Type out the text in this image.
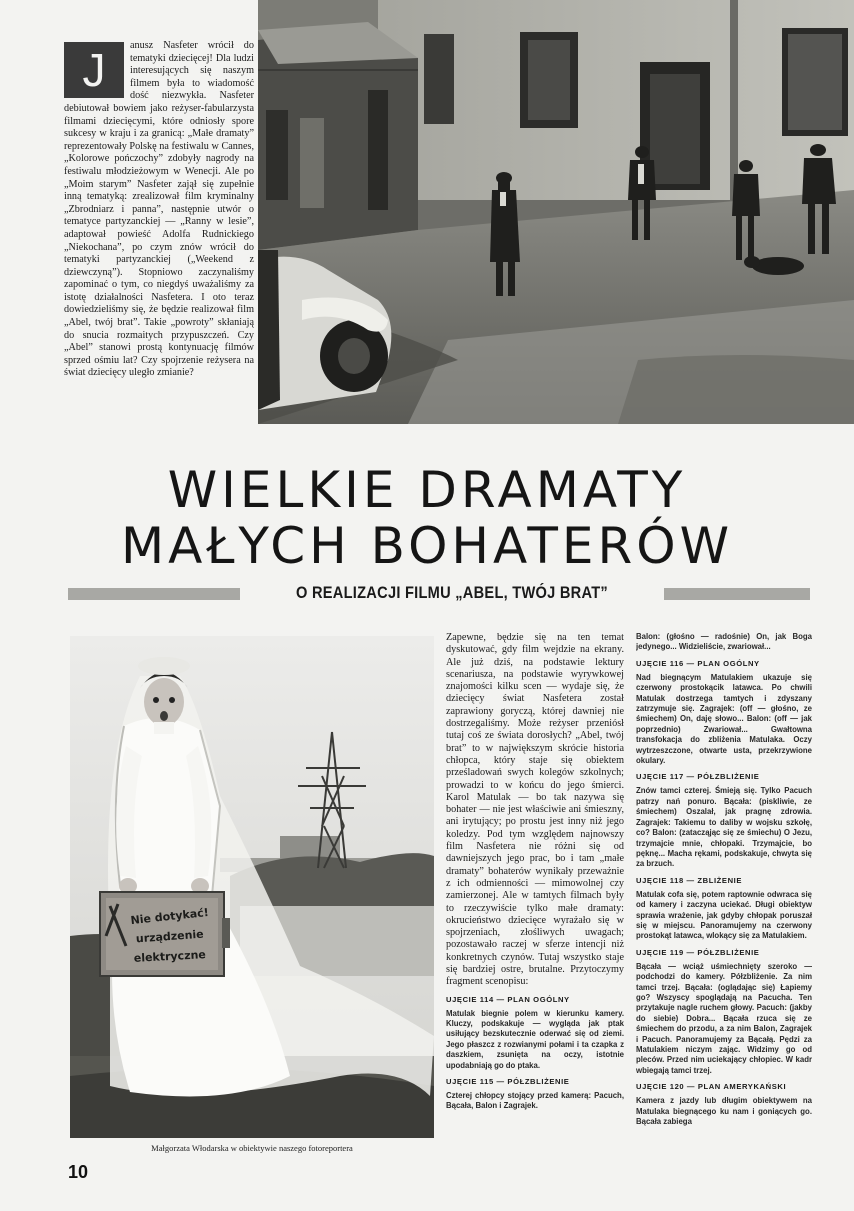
J	anusz Nasfeter wrócił do tematyki dziecięcej! Dla ludzi interesujących się naszym filmem była to wiadomość dość niezwykła. Nasfeter debiutował bowiem jako reżyser-fabularzysta filmami dziecięcymi, które odniosły spore sukcesy w kraju i za granicą: „Małe dramaty” reprezentowały Polskę na festiwalu w Cannes, „Kolorowe pończochy” zdobyły nagrody na festiwalu młodzieżowym w Wenecji. Ale po „Moim starym” Nasfeter zajął się zupełnie inną tematyką: zrealizował film kryminalny „Zbrodniarz i panna”, następnie utwór o tematyce partyzanckiej — „Ranny w lesie”, adaptował powieść Adolfa Rudnickiego „Niekochana”, po czym znów wrócił do tematyki partyzanckiej („Weekend z dziewczyną”). Stopniowo zaczynaliśmy zapominać o tym, co niegdyś uważaliśmy za istotę działalności Nasfetera. I oto teraz dowiedzieliśmy się, że będzie realizował film „Abel, twój brat”. Takie „powroty” skłaniają do snucia rozmaitych przypuszczeń. Czy „Abel” stanowi prostą kontynuację filmów sprzed ośmiu lat? Czy spojrzenie reżysera na świat dziecięcy uległo zmianie?
WIELKIE DRAMATY
MAŁYCH BOHATERÓW
O REALIZACJI FILMU „ABEL, TWÓJ BRAT”
Nie dotykać!
urządzenie
elektryczne
Małgorzata Włodarska w obiektywie naszego fotoreportera
10

Zapewne, będzie się na ten temat dyskutować, gdy film wejdzie na ekrany. Ale już dziś, na podstawie lektury scenariusza, na podstawie wyrywkowej znajomości kilku scen — wydaje się, że dziecięcy świat Nasfetera został zaprawiony goryczą, której dawniej nie dostrzegaliśmy. Może reżyser przeniósł tutaj coś ze świata dorosłych? „Abel, twój brat” to w największym skrócie historia chłopca, który staje się obiektem prześladowań swych kolegów szkolnych; prowadzi to w końcu do jego śmierci. Karol Matulak — bo tak nazywa się bohater — nie jest właściwie ani śmieszny, ani irytujący; po prostu jest inny niż jego koledzy. Pod tym względem najnowszy film Nasfetera nie różni się od dawniejszych jego prac, bo i tam „małe dramaty” bohaterów wynikały przeważnie z ich odmienności — mimowolnej czy zamierzonej. Ale w tamtych filmach były to rzeczywiście tylko małe dramaty: okrucieństwo dziecięce wyrażało się w spojrzeniach, złośliwych uwagach; pozostawało raczej w sferze intencji niż konkretnych czynów. Tutaj wszystko staje się bardziej ostre, brutalne. Przytoczymy fragment scenopisu:

UJĘCIE 114 — PLAN OGÓLNY

Matulak biegnie polem w kierunku kamery. Kluczy, podskakuje — wygląda jak ptak usiłujący bezskutecznie oderwać się od ziemi. Jego płaszcz z rozwianymi połami i ta czapka z daszkiem, zsunięta na oczy, istotnie upodabniają go do ptaka.

UJĘCIE 115 — PÓŁZBLIŻENIE

Czterej chłopcy stojący przed kamerą: Pacuch, Bącała, Balon i Zagrajek.

Balon: (głośno — radośnie) On, jak Boga jedynego... Widzieliście, zwariował...

UJĘCIE 116 — PLAN OGÓLNY

Nad biegnącym Matulakiem ukazuje się czerwony prostokącik latawca. Po chwili Matulak dostrzega tamtych i zdyszany zatrzymuje się. Zagrajek: (off — głośno, ze śmiechem) On, daję słowo... Balon: (off — jak poprzednio) Zwariował... Gwałtowna transfokacja do zbliżenia Matulaka. Oczy wytrzeszczone, otwarte usta, przekrzywione okulary.

UJĘCIE 117 — PÓŁZBLIŻENIE

Znów tamci czterej. Śmieją się. Tylko Pacuch patrzy nań ponuro. Bącała: (piskliwie, ze śmiechem) Oszalał, jak pragnę zdrowia. Zagrajek: Takiemu to daliby w wojsku szkołę, co? Balon: (zatacząjąc się ze śmiechu) O Jezu, trzymajcie mnie, chłopaki. Trzymajcie, bo pęknę... Macha rękami, podskakuje, chwyta się za brzuch.

UJĘCIE 118 — ZBLIŻENIE

Matulak cofa się, potem raptownie odwraca się od kamery i zaczyna uciekać. Długi obiektyw sprawia wrażenie, jak gdyby chłopak poruszał się w miejscu. Panoramujemy na czerwony prostokąt latawca, wlokący się za Matulakiem.

UJĘCIE 119 — PÓŁZBLIŻENIE

Bącała — wciąż uśmiechnięty szeroko — podchodzi do kamery. Półzbliżenie. Za nim tamci trzej. Bącała: (oglądając się) Łapiemy go? Wszyscy spoglądają na Pacucha. Ten przytakuje nagle ruchem głowy. Pacuch: (jakby do siebie) Dobra... Bącała rzuca się ze śmiechem do przodu, a za nim Balon, Zagrajek i Pacuch. Panoramujemy za Bącałą. Pędzi za Matulakiem niczym zając. Widzimy go od pleców. Przed nim uciekający chłopiec. W kadr wbiegają tamci trzej.

UJĘCIE 120 — PLAN AMERYKAŃSKI

Kamera z jazdy lub długim obiektywem na Matulaka biegnącego ku nam i goniących go. Bącała zabiega
